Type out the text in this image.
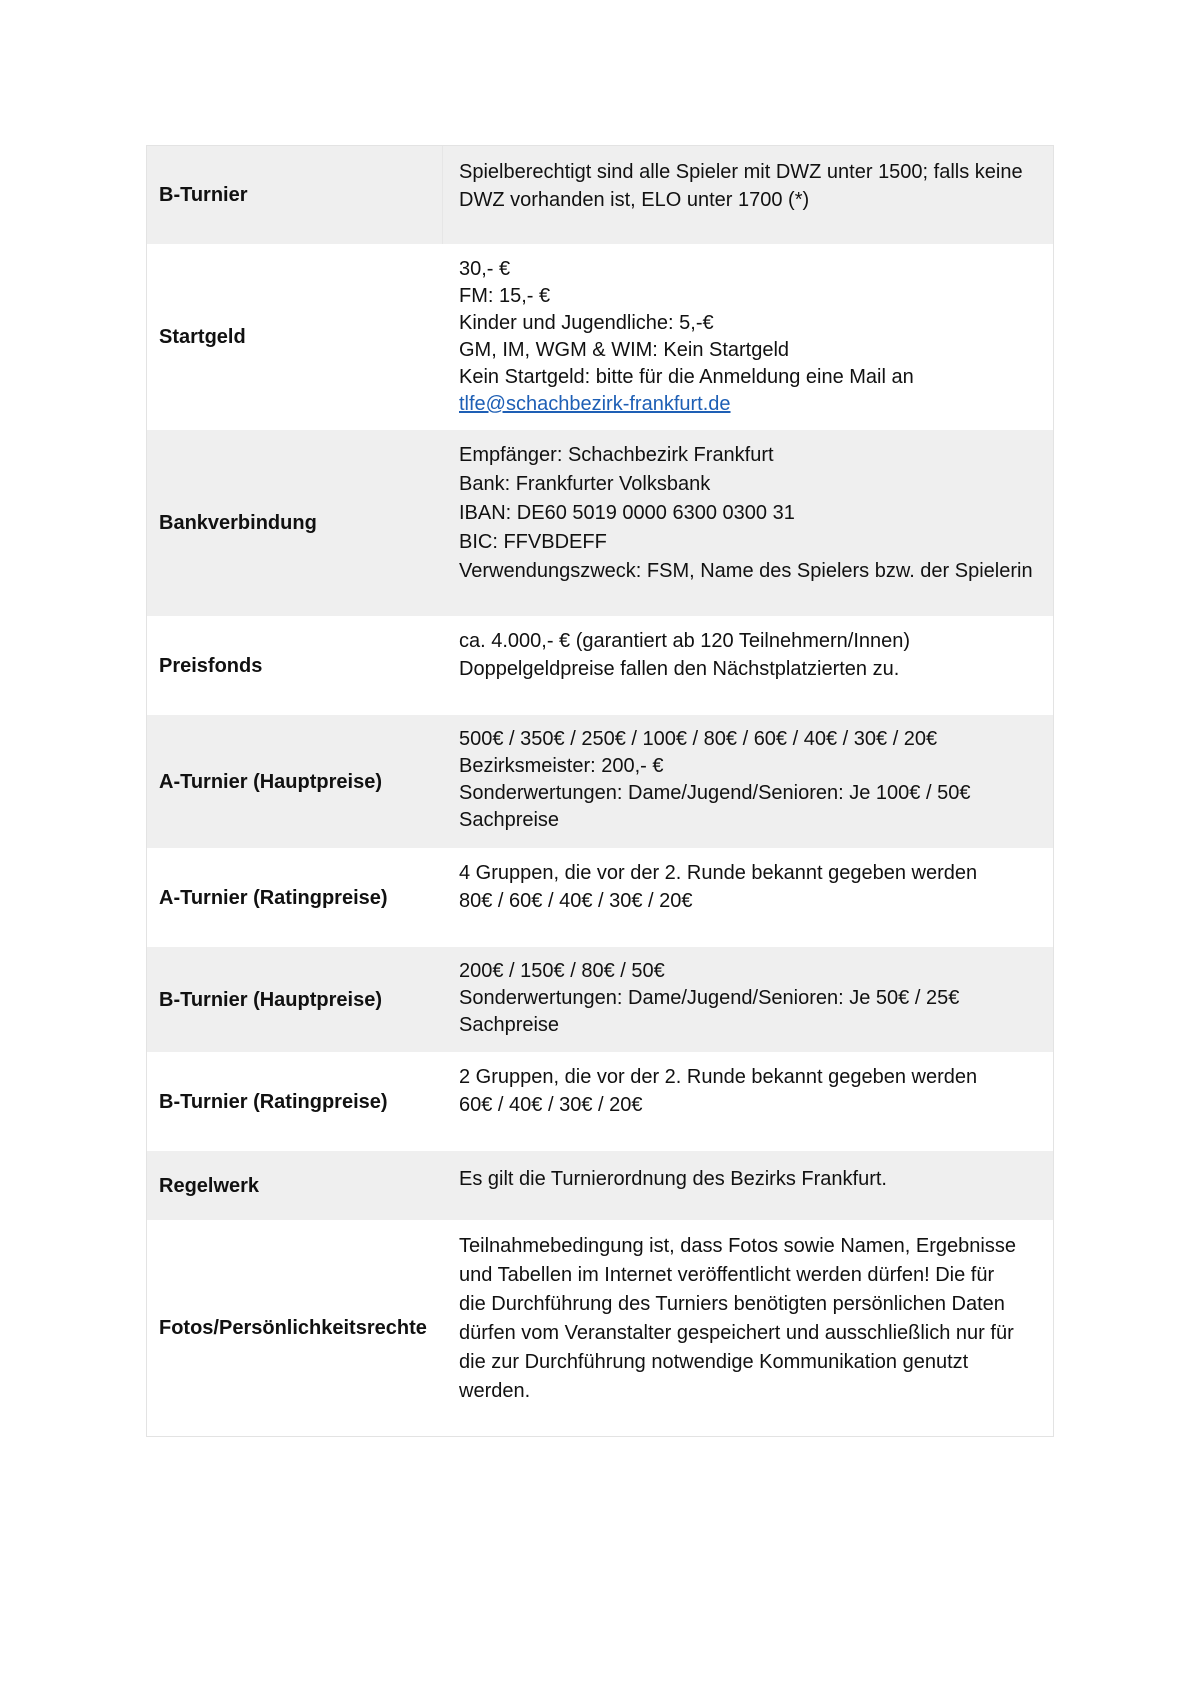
B-Turnier
Spielberechtigt sind alle Spieler mit DWZ unter 1500; falls keine
DWZ vorhanden ist, ELO unter 1700 (*)
Startgeld
30,- €
FM: 15,- €
Kinder und Jugendliche: 5,-€
GM, IM, WGM & WIM: Kein Startgeld
Kein Startgeld: bitte für die Anmeldung eine Mail an
tlfe@schachbezirk-frankfurt.de
Bankverbindung
Empfänger: Schachbezirk Frankfurt
Bank: Frankfurter Volksbank
IBAN: DE60 5019 0000 6300 0300 31
BIC: FFVBDEFF
Verwendungszweck: FSM, Name des Spielers bzw. der Spielerin
Preisfonds
ca. 4.000,- € (garantiert ab 120 Teilnehmern/Innen)
Doppelgeldpreise fallen den Nächstplatzierten zu.
A-Turnier (Hauptpreise)
500€ / 350€ / 250€ / 100€ / 80€ / 60€ / 40€ / 30€ / 20€
Bezirksmeister: 200,- €
Sonderwertungen: Dame/Jugend/Senioren: Je 100€ / 50€
Sachpreise
A-Turnier (Ratingpreise)
4 Gruppen, die vor der 2. Runde bekannt gegeben werden
80€ / 60€ / 40€ / 30€ / 20€
B-Turnier (Hauptpreise)
200€ / 150€ / 80€ / 50€
Sonderwertungen: Dame/Jugend/Senioren: Je 50€ / 25€
Sachpreise
B-Turnier (Ratingpreise)
2 Gruppen, die vor der 2. Runde bekannt gegeben werden
60€ / 40€ / 30€ / 20€
Regelwerk	Es gilt die Turnierordnung des Bezirks Frankfurt.
Fotos/Persönlichkeitsrechte
Teilnahmebedingung ist, dass Fotos sowie Namen, Ergebnisse
und Tabellen im Internet veröffentlicht werden dürfen! Die für
die Durchführung des Turniers benötigten persönlichen Daten
dürfen vom Veranstalter gespeichert und ausschließlich nur für
die zur Durchführung notwendige Kommunikation genutzt
werden.
